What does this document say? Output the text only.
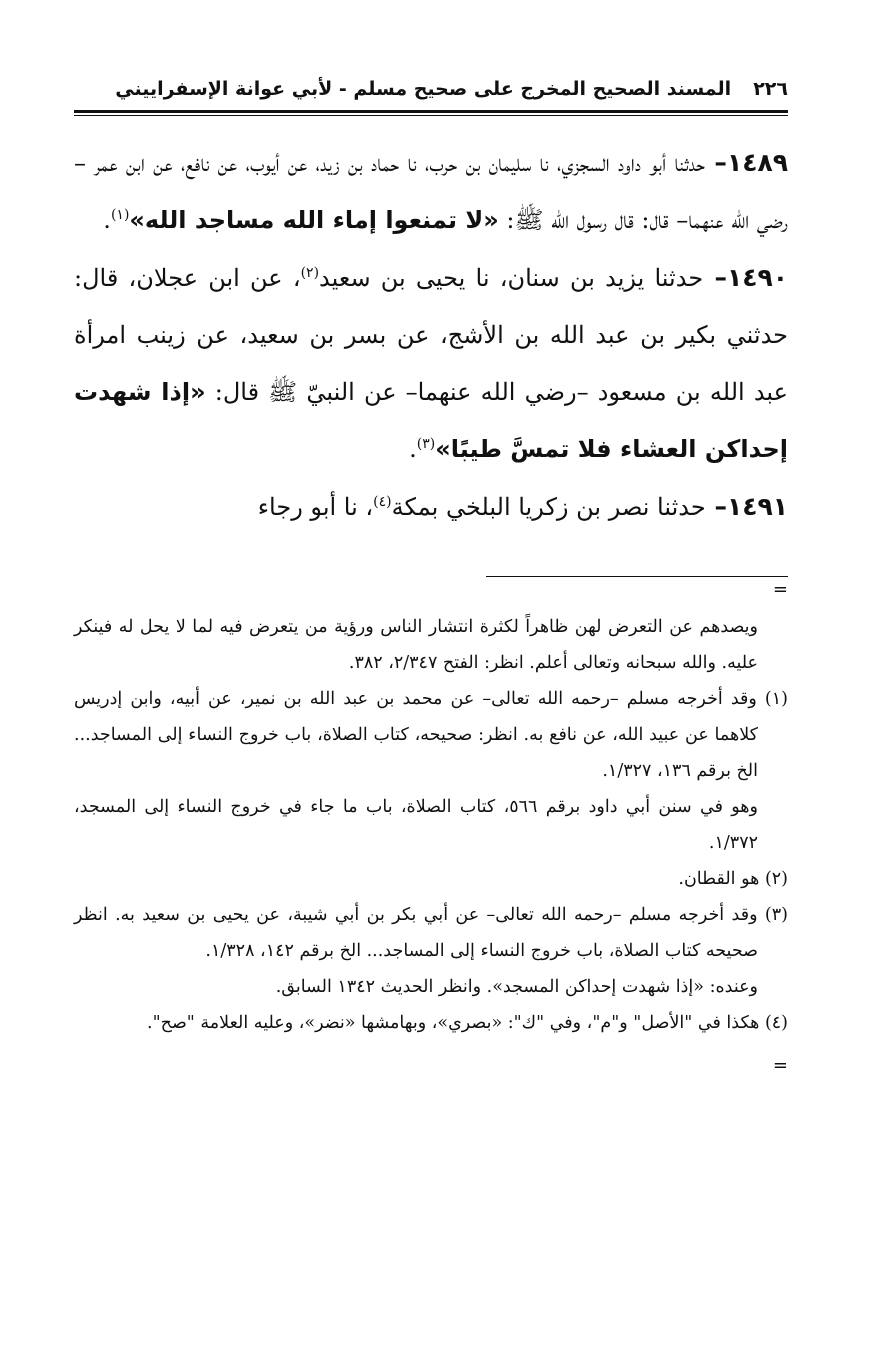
٢٢٦
المسند الصحيح المخرج على صحيح مسلم - لأبي عوانة الإسفراييني

١٤٨٩– حدثنا أبو داود السجزي، نا سليمان بن حرب، نا حماد بن زيد، عن أيوب، عن نافع، عن ابن عمر –رضي الله عنهما– قال: قال رسول الله ﷺ: «لا تمنعوا إماء الله مساجد الله»$^{(١)}$.

١٤٩٠– حدثنا يزيد بن سنان، نا يحيى بن سعيد$^{(٢)}$، عن ابن عجلان، قال: حدثني بكير بن عبد الله بن الأشج، عن بسر بن سعيد، عن زينب امرأة عبد الله بن مسعود –رضي الله عنهما– عن النبيّ ﷺ قال: «إذا شهدت إحداكن العشاء فلا تمسَّ طيبًا»$^{(٣)}$.

١٤٩١– حدثنا نصر بن زكريا البلخي بمكة$^{(٤)}$، نا أبو رجاء

=

ويصدهم عن التعرض لهن ظاهراً لكثرة انتشار الناس ورؤية من يتعرض فيه لما لا يحل له فينكر عليه. والله سبحانه وتعالى أعلم. انظر: الفتح ٢/٣٤٧، ٣٨٢.

(١) وقد أخرجه مسلم –رحمه الله تعالى– عن محمد بن عبد الله بن نمير، عن أبيه، وابن إدريس كلاهما عن عبيد الله، عن نافع به. انظر: صحيحه، كتاب الصلاة، باب خروج النساء إلى المساجد... الخ برقم ١٣٦، ١/٣٢٧.

وهو في سنن أبي داود برقم ٥٦٦، كتاب الصلاة، باب ما جاء في خروج النساء إلى المسجد، ١/٣٧٢.

(٢) هو القطان.

(٣) وقد أخرجه مسلم –رحمه الله تعالى– عن أبي بكر بن أبي شيبة، عن يحيى بن سعيد به. انظر صحيحه كتاب الصلاة، باب خروج النساء إلى المساجد... الخ برقم ١٤٢، ١/٣٢٨.

وعنده: «إذا شهدت إحداكن المسجد». وانظر الحديث ١٣٤٢ السابق.

(٤) هكذا في "الأصل" و"م"، وفي "ك": «بصري»، وبهامشها «نضر»، وعليه العلامة "صح".

=
